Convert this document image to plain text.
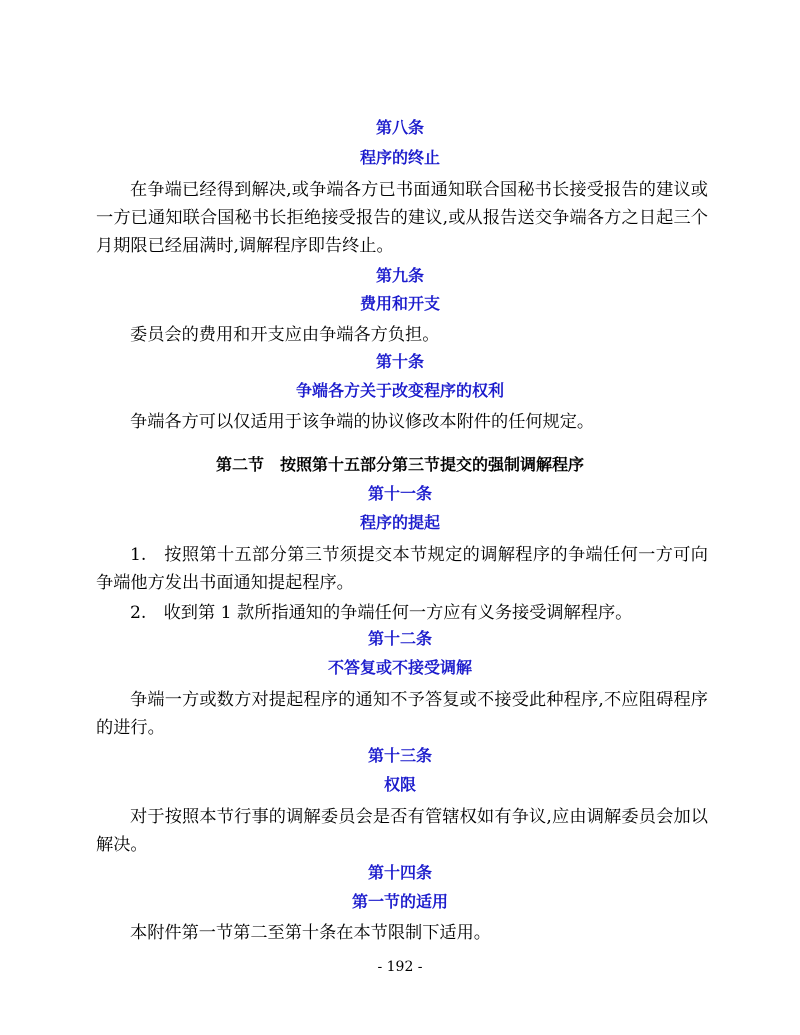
第八条
程序的终止
在争端已经得到解决,或争端各方已书面通知联合国秘书长接受报告的建议或
一方已通知联合国秘书长拒绝接受报告的建议,或从报告送交争端各方之日起三个
月期限已经届满时,调解程序即告终止。
第九条
费用和开支
委员会的费用和开支应由争端各方负担。
第十条
争端各方关于改变程序的权利
争端各方可以仅适用于该争端的协议修改本附件的任何规定。
第二节　按照第十五部分第三节提交的强制调解程序
第十一条
程序的提起
1.　按照第十五部分第三节须提交本节规定的调解程序的争端任何一方可向
争端他方发出书面通知提起程序。
2.　收到第 1 款所指通知的争端任何一方应有义务接受调解程序。
第十二条
不答复或不接受调解
争端一方或数方对提起程序的通知不予答复或不接受此种程序,不应阻碍程序
的进行。
第十三条
权限
对于按照本节行事的调解委员会是否有管辖权如有争议,应由调解委员会加以
解决。
第十四条
第一节的适用
本附件第一节第二至第十条在本节限制下适用。
- 192 -
